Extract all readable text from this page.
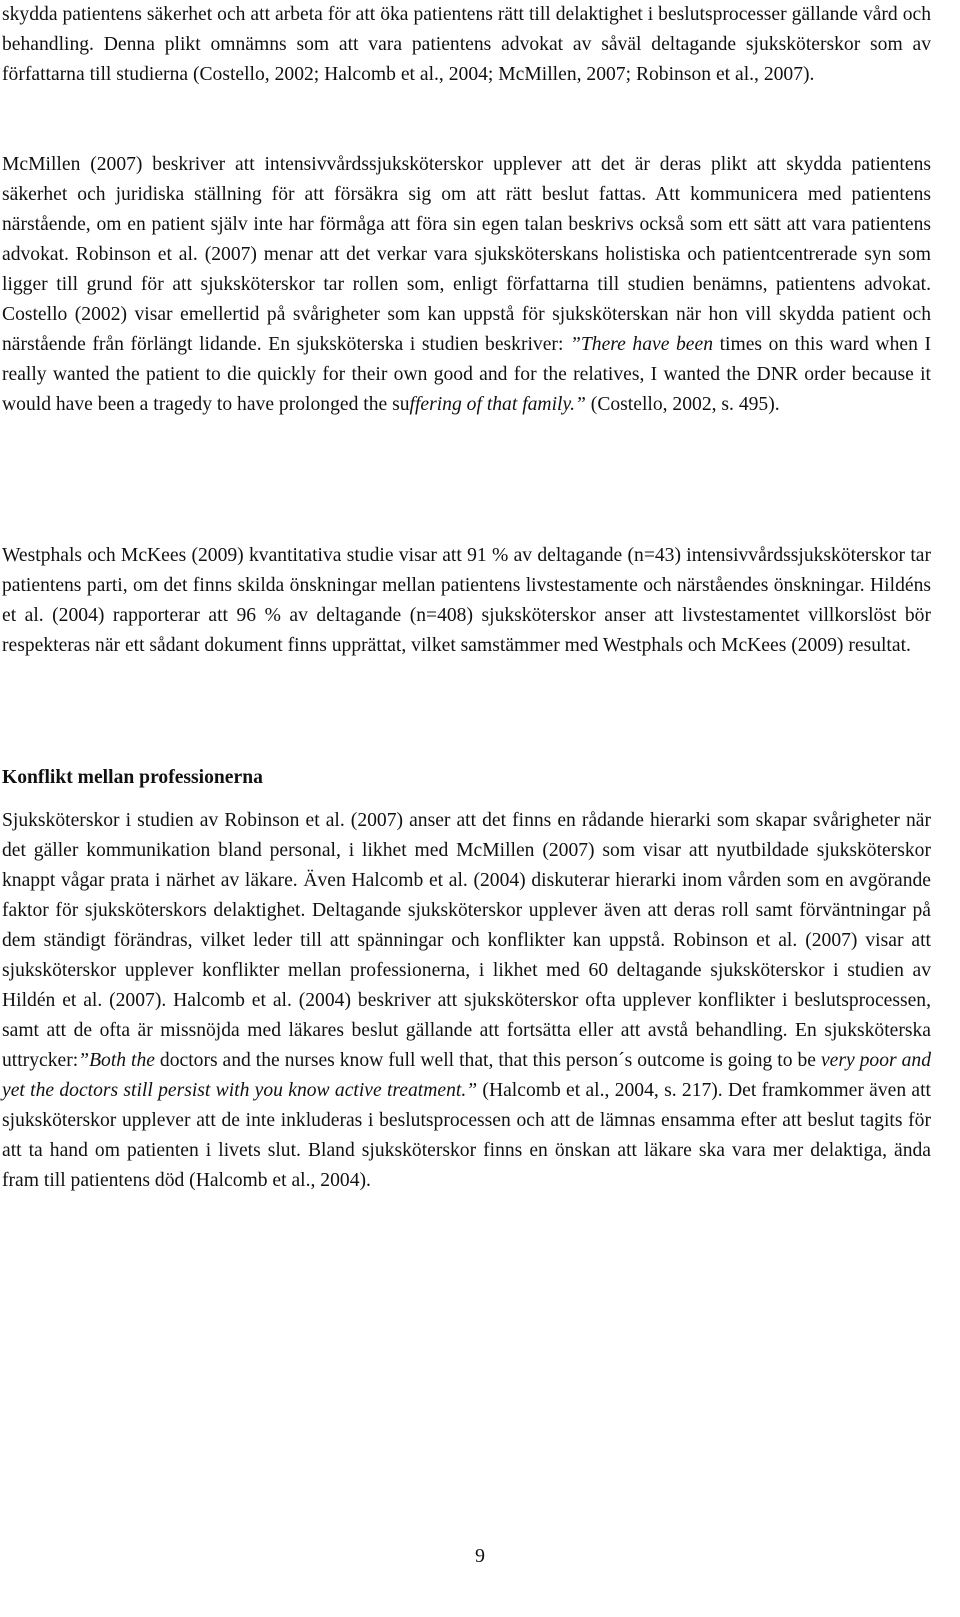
skydda patientens säkerhet och att arbeta för att öka patientens rätt till delaktighet i beslutsprocesser gällande vård och behandling. Denna plikt omnämns som att vara patientens advokat av såväl deltagande sjuksköterskor som av författarna till studierna (Costello, 2002; Halcomb et al., 2004; McMillen, 2007; Robinson et al., 2007).

McMillen (2007) beskriver att intensivvårdssjuksköterskor upplever att det är deras plikt att skydda patientens säkerhet och juridiska ställning för att försäkra sig om att rätt beslut fattas. Att kommunicera med patientens närstående, om en patient själv inte har förmåga att föra sin egen talan beskrivs också som ett sätt att vara patientens advokat. Robinson et al. (2007) menar att det verkar vara sjuksköterskans holistiska och patientcentrerade syn som ligger till grund för att sjuksköterskor tar rollen som, enligt författarna till studien benämns, patientens advokat. Costello (2002) visar emellertid på svårigheter som kan uppstå för sjuksköterskan när hon vill skydda patient och närstående från förlängt lidande. En sjuksköterska i studien beskriver: ”There have been times on this ward when I really wanted the patient to die quickly for their own good and for the relatives, I wanted the DNR order because it would have been a tragedy to have prolonged the suffering of that family.” (Costello, 2002, s. 495).

Westphals och McKees (2009) kvantitativa studie visar att 91 % av deltagande (n=43) intensivvårdssjuksköterskor tar patientens parti, om det finns skilda önskningar mellan patientens livstestamente och närståendes önskningar. Hildéns et al. (2004) rapporterar att 96 % av deltagande (n=408) sjuksköterskor anser att livstestamentet villkorslöst bör respekteras när ett sådant dokument finns upprättat, vilket samstämmer med Westphals och McKees (2009) resultat.

Konflikt mellan professionerna

Sjuksköterskor i studien av Robinson et al. (2007) anser att det finns en rådande hierarki som skapar svårigheter när det gäller kommunikation bland personal, i likhet med McMillen (2007) som visar att nyutbildade sjuksköterskor knappt vågar prata i närhet av läkare. Även Halcomb et al. (2004) diskuterar hierarki inom vården som en avgörande faktor för sjuksköterskors delaktighet. Deltagande sjuksköterskor upplever även att deras roll samt förväntningar på dem ständigt förändras, vilket leder till att spänningar och konflikter kan uppstå. Robinson et al. (2007) visar att sjuksköterskor upplever konflikter mellan professionerna, i likhet med 60 deltagande sjuksköterskor i studien av Hildén et al. (2007). Halcomb et al. (2004) beskriver att sjuksköterskor ofta upplever konflikter i beslutsprocessen, samt att de ofta är missnöjda med läkares beslut gällande att fortsätta eller att avstå behandling. En sjuksköterska uttrycker:”Both the doctors and the nurses know full well that, that this person´s outcome is going to be very poor and yet the doctors still persist with you know active treatment.” (Halcomb et al., 2004, s. 217). Det framkommer även att sjuksköterskor upplever att de inte inkluderas i beslutsprocessen och att de lämnas ensamma efter att beslut tagits för att ta hand om patienten i livets slut. Bland sjuksköterskor finns en önskan att läkare ska vara mer delaktiga, ända fram till patientens död (Halcomb et al., 2004).

9
